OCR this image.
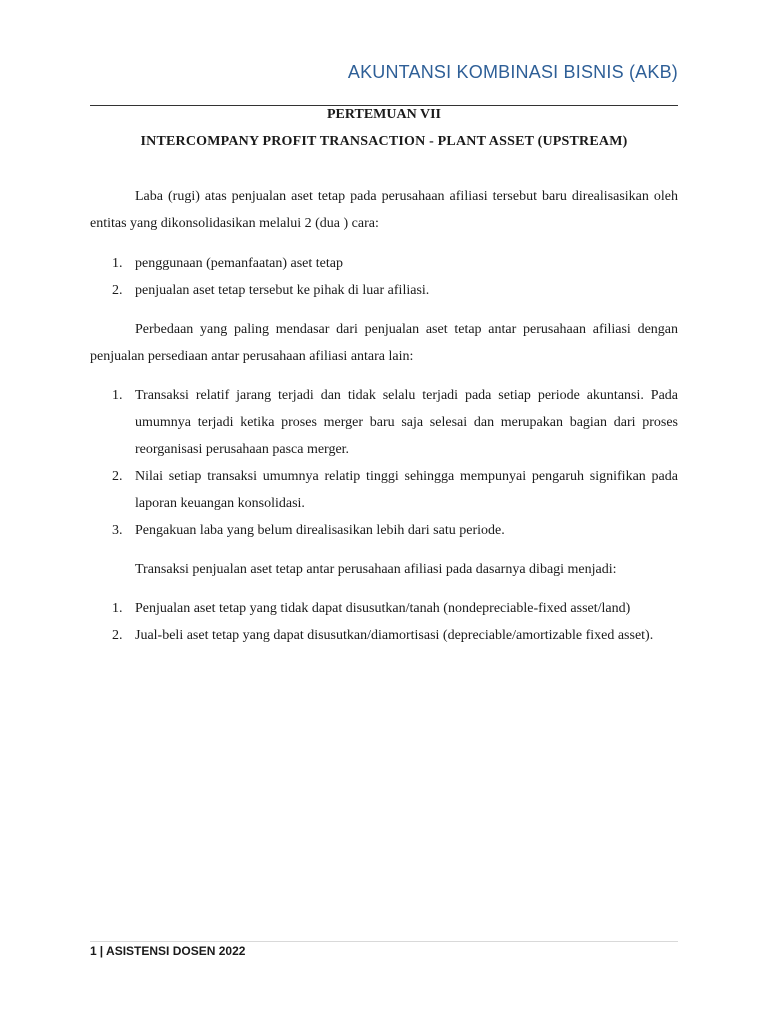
AKUNTANSI KOMBINASI BISNIS (AKB)
PERTEMUAN VII
INTERCOMPANY PROFIT TRANSACTION - PLANT ASSET (UPSTREAM)

Laba (rugi) atas penjualan aset tetap pada perusahaan afiliasi tersebut baru direalisasikan oleh entitas yang dikonsolidasikan melalui 2 (dua ) cara:

1. penggunaan (pemanfaatan) aset tetap
2. penjualan aset tetap tersebut ke pihak di luar afiliasi.

Perbedaan yang paling mendasar dari penjualan aset tetap antar perusahaan afiliasi dengan penjualan persediaan antar perusahaan afiliasi antara lain:

1. Transaksi relatif jarang terjadi dan tidak selalu terjadi pada setiap periode akuntansi. Pada umumnya terjadi ketika proses merger baru saja selesai dan merupakan bagian dari proses reorganisasi perusahaan pasca merger.
2. Nilai setiap transaksi umumnya relatip tinggi sehingga mempunyai pengaruh signifikan pada laporan keuangan konsolidasi.
3. Pengakuan laba yang belum direalisasikan lebih dari satu periode.

Transaksi penjualan aset tetap antar perusahaan afiliasi pada dasarnya dibagi menjadi:

1. Penjualan aset tetap yang tidak dapat disusutkan/tanah (nondepreciable-fixed asset/land)
2. Jual-beli aset tetap yang dapat disusutkan/diamortisasi (depreciable/amortizable fixed asset).
1 | ASISTENSI DOSEN 2022
